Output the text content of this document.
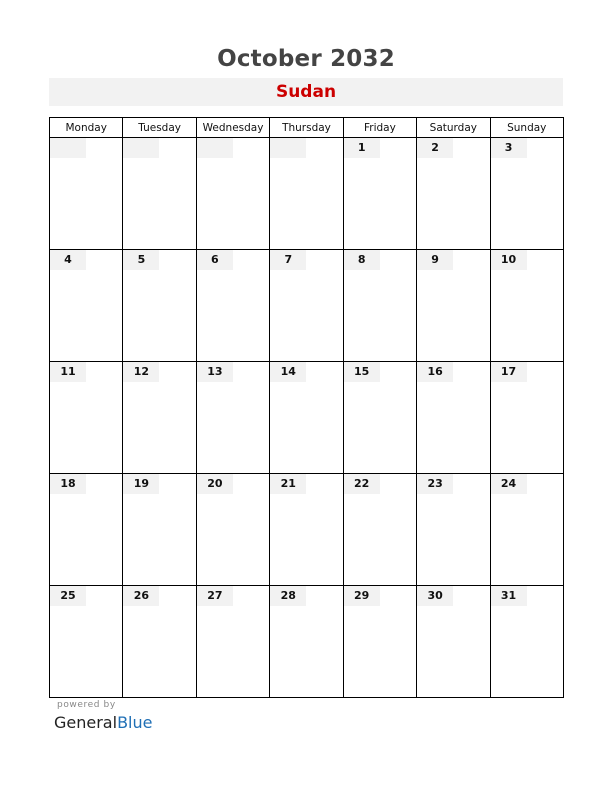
October 2032
Sudan
Monday	Tuesday	Wednesday	Thursday	Friday	Saturday	Sunday

				1	2	3

4	5	6	7	8	9	10

11	12	13	14	15	16	17

18	19	20	21	22	23	24

25	26	27	28	29	30	31
powered by
GeneralBlue
